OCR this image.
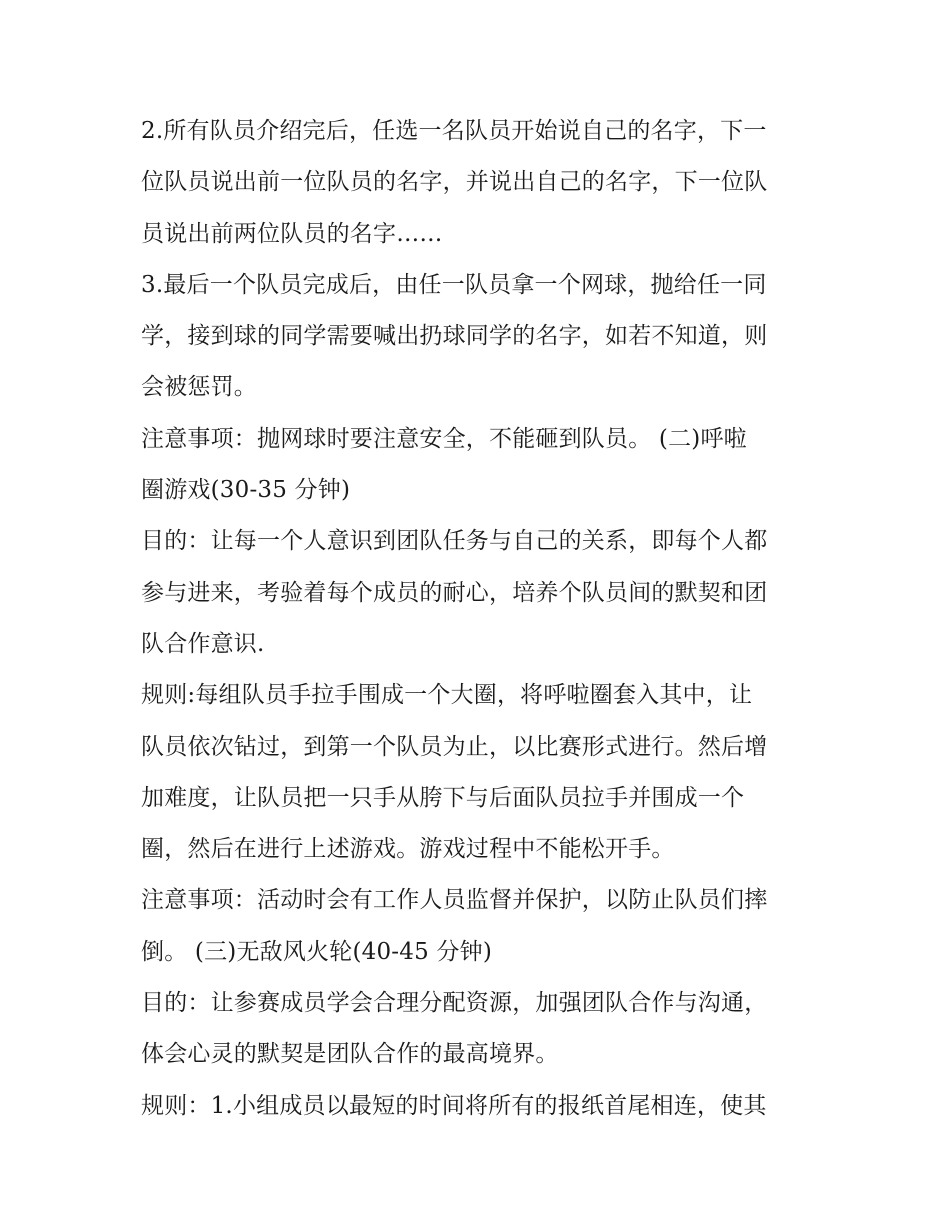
2.所有队员介绍完后，任选一名队员开始说自己的名字，下一
位队员说出前一位队员的名字，并说出自己的名字，下一位队
员说出前两位队员的名字……
3.最后一个队员完成后，由任一队员拿一个网球，抛给任一同
学，接到球的同学需要喊出扔球同学的名字，如若不知道，则
会被惩罚。
注意事项：抛网球时要注意安全，不能砸到队员。 (二)呼啦
圈游戏(30-35 分钟)
目的：让每一个人意识到团队任务与自己的关系，即每个人都
参与进来，考验着每个成员的耐心，培养个队员间的默契和团
队合作意识.
规则:每组队员手拉手围成一个大圈，将呼啦圈套入其中，让
队员依次钻过，到第一个队员为止，以比赛形式进行。然后增
加难度，让队员把一只手从胯下与后面队员拉手并围成一个
圈，然后在进行上述游戏。游戏过程中不能松开手。
注意事项：活动时会有工作人员监督并保护，以防止队员们摔
倒。 (三)无敌风火轮(40-45 分钟)
目的：让参赛成员学会合理分配资源，加强团队合作与沟通，
体会心灵的默契是团队合作的最高境界。
规则：1.小组成员以最短的时间将所有的报纸首尾相连，使其
